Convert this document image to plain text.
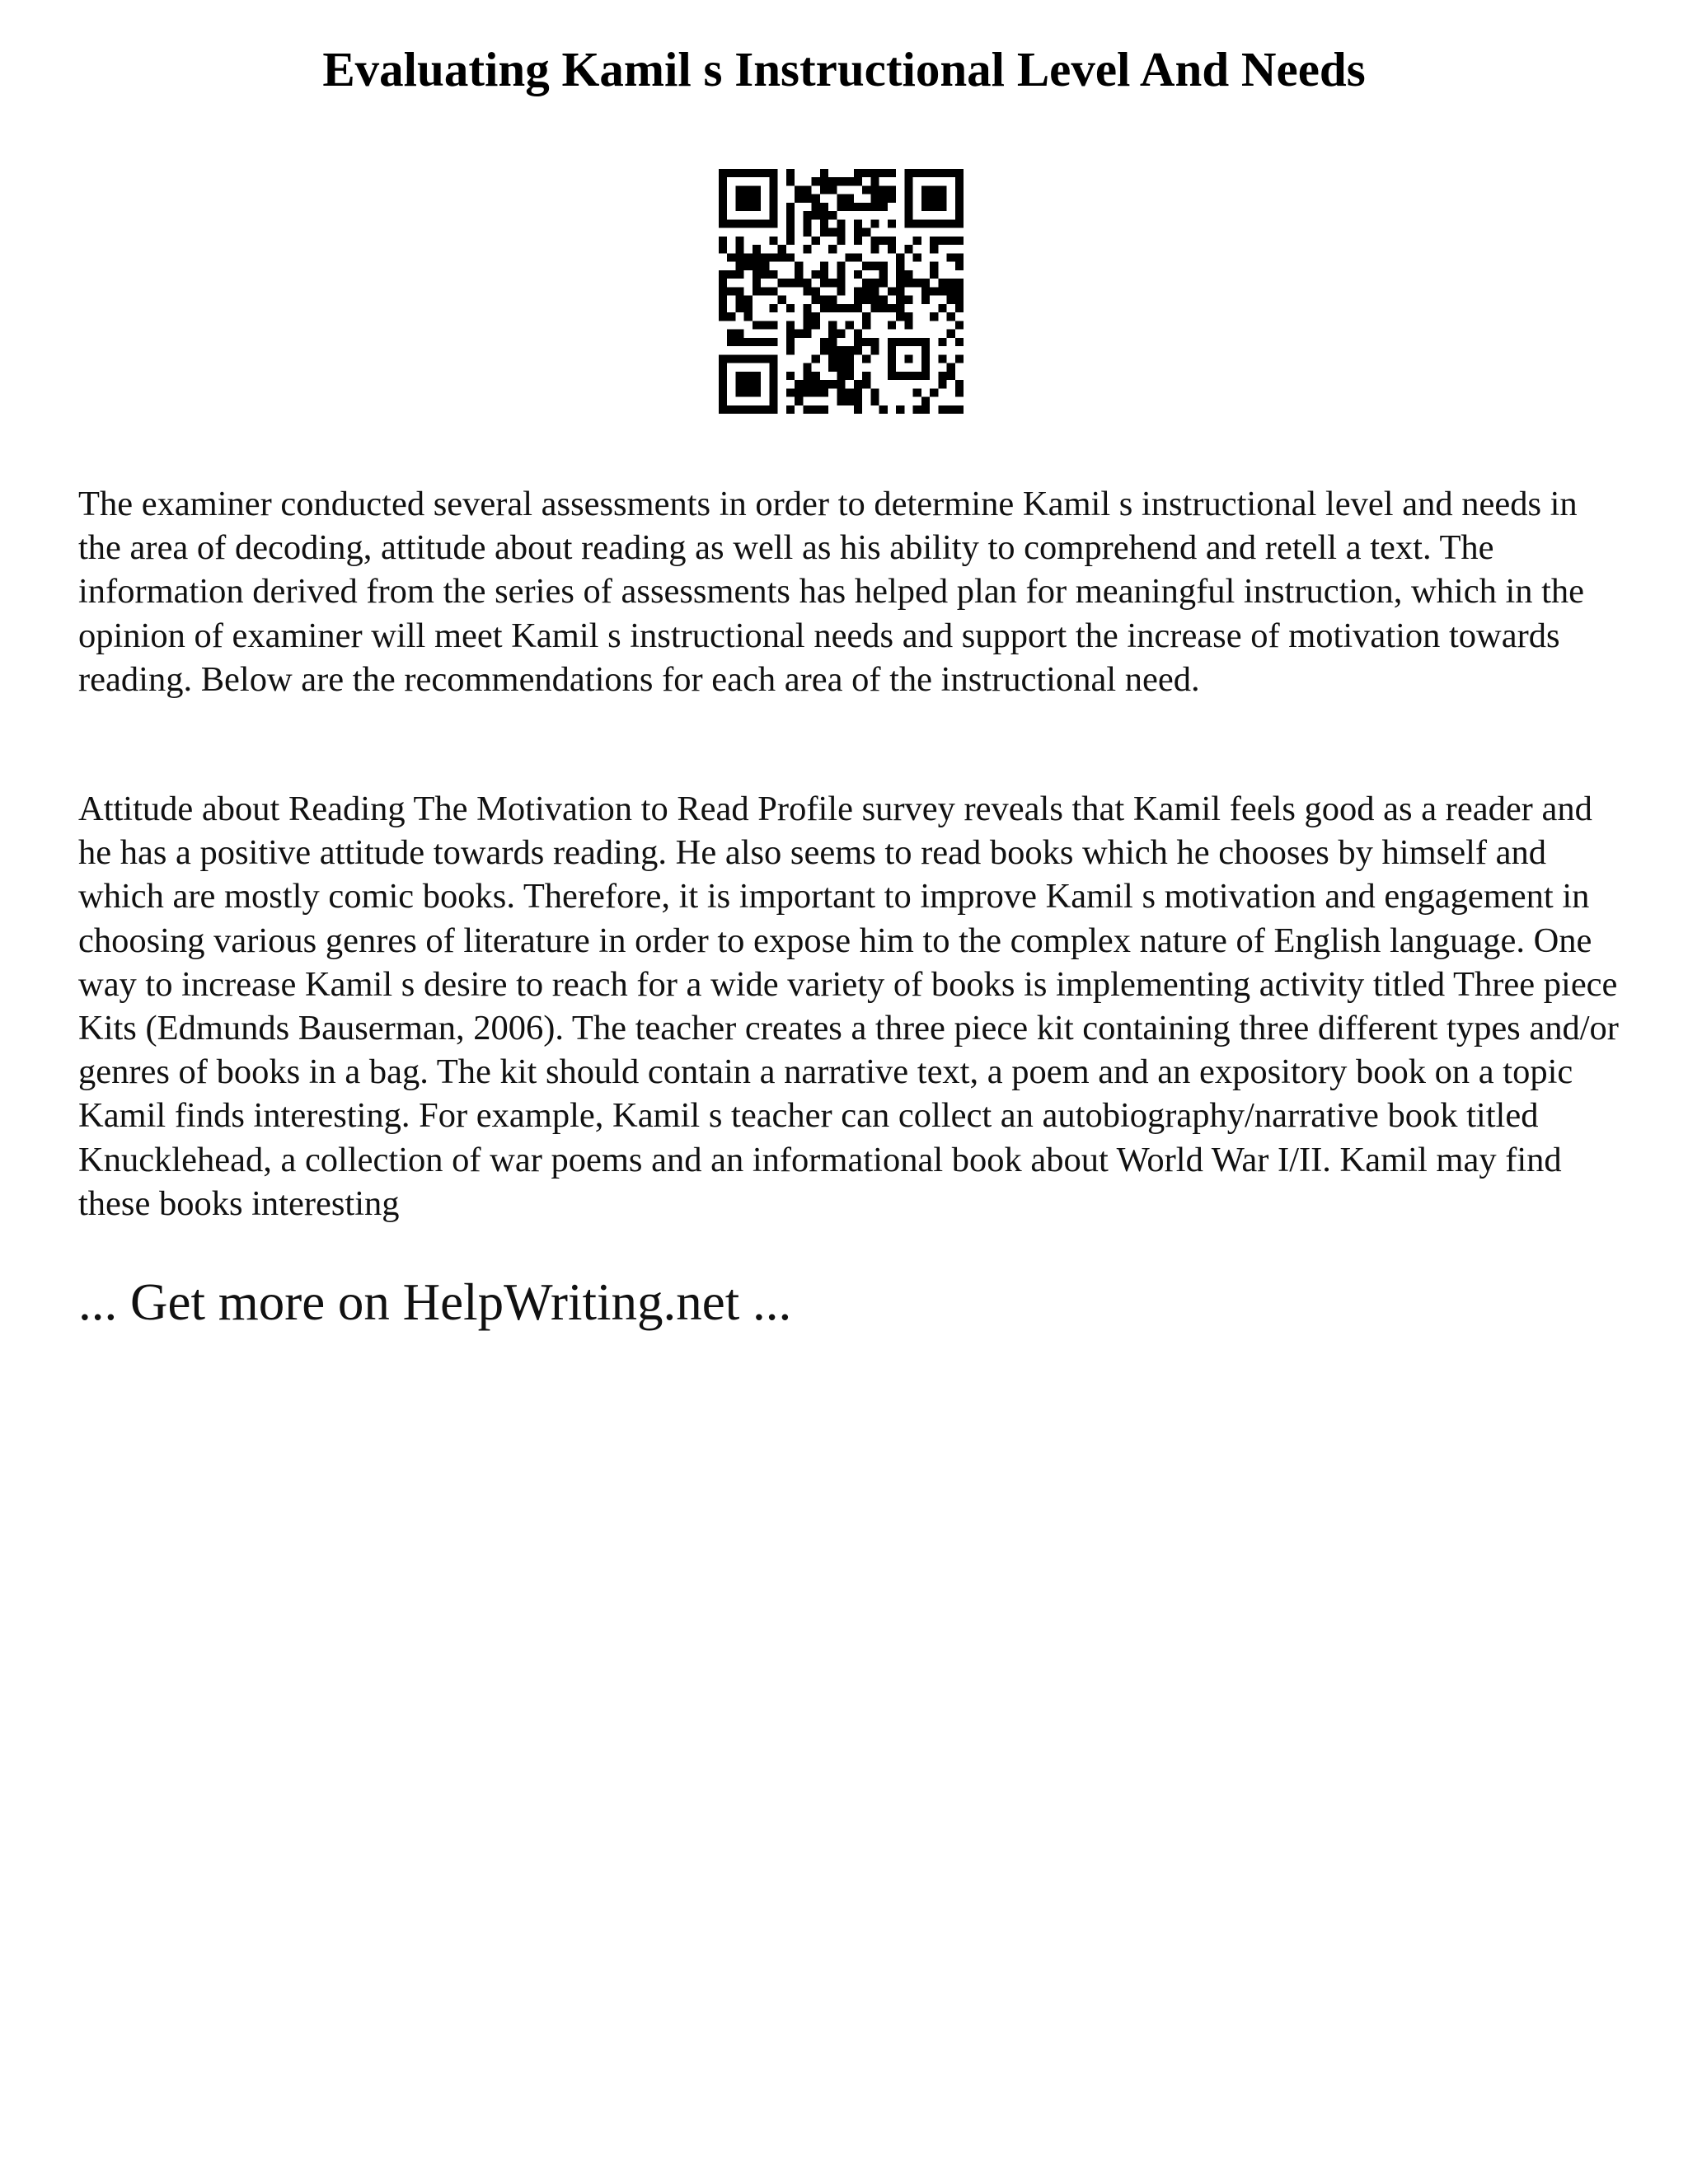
Evaluating Kamil s Instructional Level And Needs

The examiner conducted several assessments in order to determine Kamil s instructional level and needs in the area of decoding, attitude about reading as well as his ability to comprehend and retell a text. The information derived from the series of assessments has helped plan for meaningful instruction, which in the opinion of examiner will meet Kamil s instructional needs and support the increase of motivation towards reading. Below are the recommendations for each area of the instructional need.

Attitude about Reading The Motivation to Read Profile survey reveals that Kamil feels good as a reader and he has a positive attitude towards reading. He also seems to read books which he chooses by himself and which are mostly comic books. Therefore, it is important to improve Kamil s motivation and engagement in choosing various genres of literature in order to expose him to the complex nature of English language. One way to increase Kamil s desire to reach for a wide variety of books is implementing activity titled Three piece Kits (Edmunds Bauserman, 2006). The teacher creates a three piece kit containing three different types and/or genres of books in a bag. The kit should contain a narrative text, a poem and an expository book on a topic Kamil finds interesting. For example, Kamil s teacher can collect an autobiography/narrative book titled Knucklehead, a collection of war poems and an informational book about World War I/II. Kamil may find these books interesting

... Get more on HelpWriting.net ...
